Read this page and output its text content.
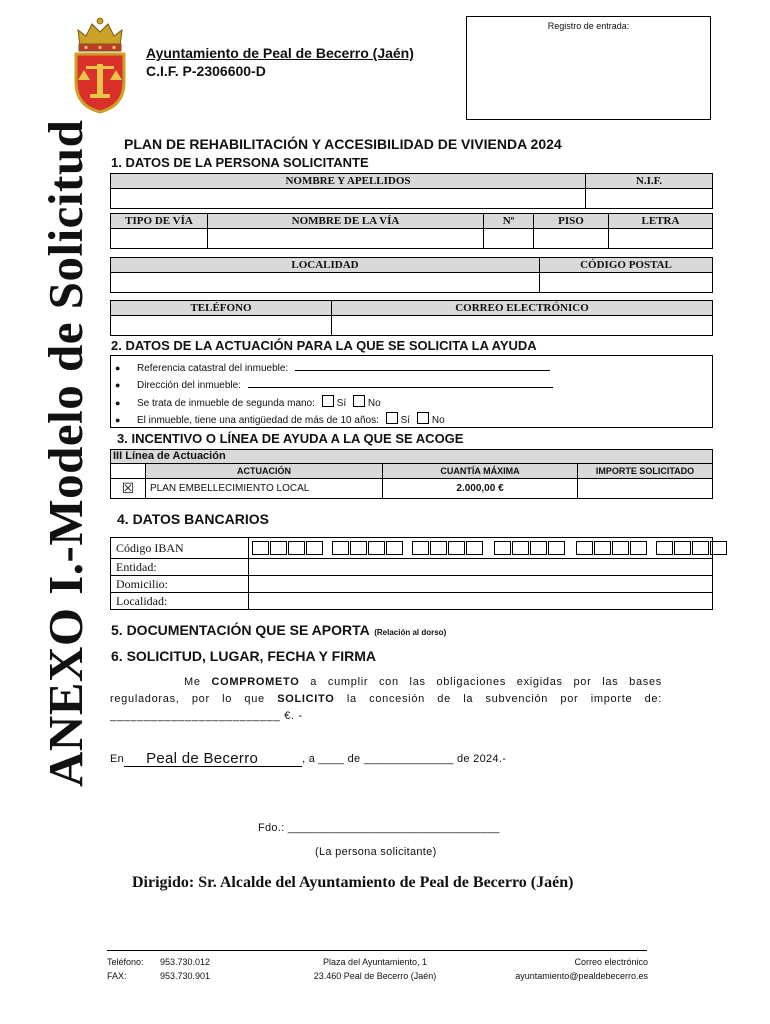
ANEXO I.-Modelo de Solicitud
Ayuntamiento de Peal de Becerro (Jaén)
C.I.F. P-2306600-D
Registro de entrada:
PLAN DE REHABILITACIÓN Y ACCESIBILIDAD DE VIVIENDA 2024
1. DATOS DE LA PERSONA SOLICITANTE
NOMBRE Y APELLIDOS	N.I.F.

TIPO DE VÍA	NOMBRE DE LA VÍA	Nº	PISO	LETRA

LOCALIDAD	CÓDIGO POSTAL

TELÉFONO	CORREO ELECTRÓNICO

2. DATOS DE LA ACTUACIÓN PARA LA QUE SE SOLICITA LA AYUDA
● Referencia catastral del inmueble:
● Dirección del inmueble:
● Se trata de inmueble de segunda mano: Sí No
● El inmueble, tiene una antigüedad de más de 10 años: Sí No
3. INCENTIVO O LÍNEA DE AYUDA A LA QUE SE ACOGE
III Línea de Actuación
	ACTUACIÓN	CUANTÍA MÁXIMA	IMPORTE SOLICITADO
☒	PLAN EMBELLECIMIENTO LOCAL	2.000,00 €	
4. DATOS BANCARIOS
Código IBAN	
Entidad:	
Domicilio:	
Localidad:	
5. DOCUMENTACIÓN QUE SE APORTA (Relación al dorso)
6. SOLICITUD, LUGAR, FECHA Y FIRMA
Me COMPROMETO a cumplir con las obligaciones exigidas por las bases
reguladoras, por lo que SOLICITO la concesión de la subvención por importe de:
_________________________ €. -
En Peal de Becerro	, a ____ de ______________ de 2024.-
Fdo.: _________________________________
(La persona solicitante)
Dirigido: Sr. Alcalde del Ayuntamiento de Peal de Becerro (Jaén)
Teléfono: 953.730.012
FAX:	953.730.901
Plaza del Ayuntamiento, 1
23.460 Peal de Becerro (Jaén)
Correo electrónico
ayuntamiento@pealdebecerro.es
